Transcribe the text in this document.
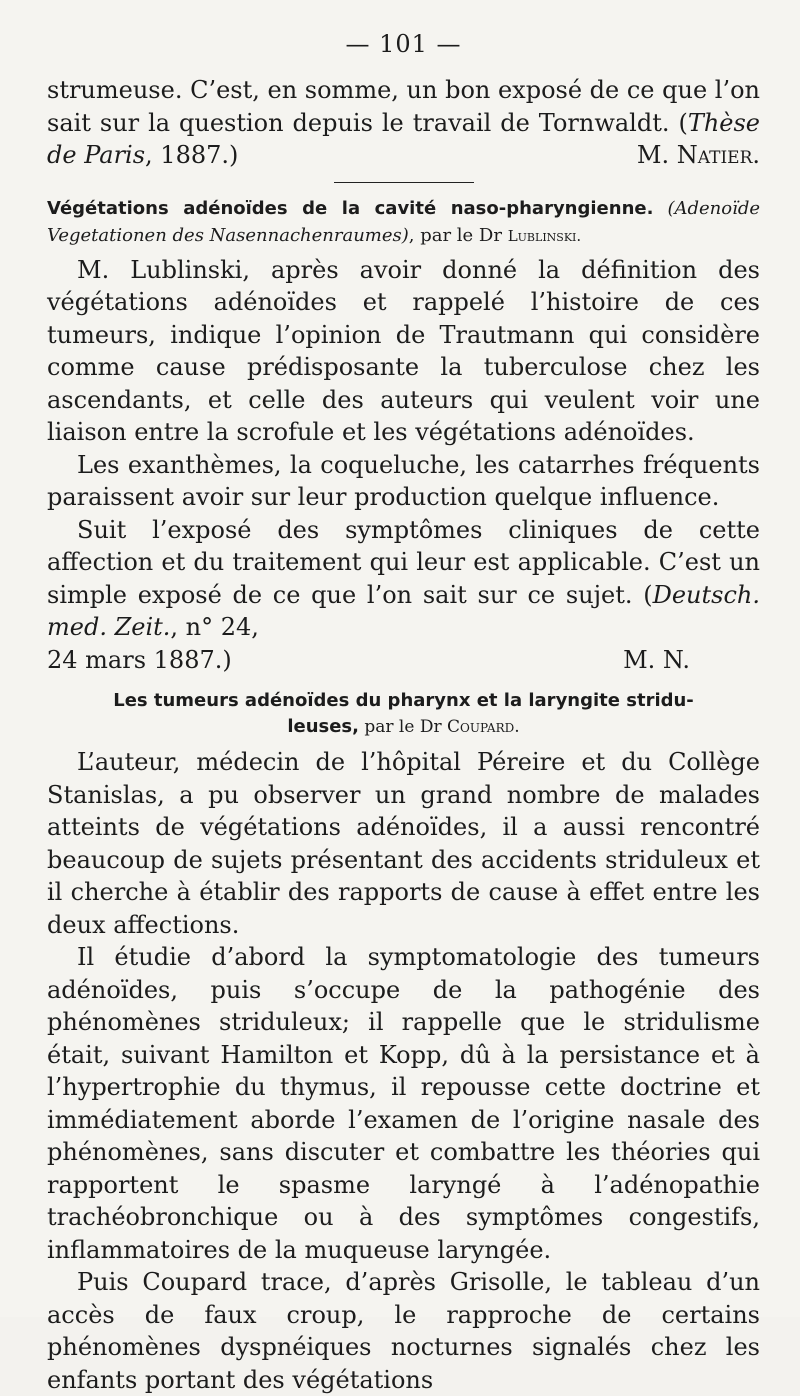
— 101 —

strumeuse. C’est, en somme, un bon exposé de ce que l’on sait sur la question depuis le travail de Tornwaldt. (Thèse de Paris, 1887.)	M. Natier.

Végétations adénoïdes de la cavité naso-pharyngienne. (Adenoïde Vegetationen des Nasennachenraumes), par le Dr Lublinski.

M. Lublinski, après avoir donné la définition des végétations adénoïdes et rappelé l’histoire de ces tumeurs, indique l’opinion de Trautmann qui considère comme cause prédisposante la tuberculose chez les ascendants, et celle des auteurs qui veulent voir une liaison entre la scrofule et les végétations adénoïdes.

Les exanthèmes, la coqueluche, les catarrhes fréquents paraissent avoir sur leur production quelque influence.

Suit l’exposé des symptômes cliniques de cette affection et du traitement qui leur est applicable. C’est un simple exposé de ce que l’on sait sur ce sujet. (Deutsch. med. Zeit., n° 24,

24 mars 1887.)	M. N.

Les tumeurs adénoïdes du pharynx et la laryngite stridu-
leuses, par le Dr Coupard.

L’auteur, médecin de l’hôpital Péreire et du Collège Stanislas, a pu observer un grand nombre de malades atteints de végétations adénoïdes, il a aussi rencontré beaucoup de sujets présentant des accidents striduleux et il cherche à établir des rapports de cause à effet entre les deux affections.

Il étudie d’abord la symptomatologie des tumeurs adénoïdes, puis s’occupe de la pathogénie des phénomènes striduleux; il rappelle que le stridulisme était, suivant Hamilton et Kopp, dû à la persistance et à l’hypertrophie du thymus, il repousse cette doctrine et immédiatement aborde l’examen de l’origine nasale des phénomènes, sans discuter et combattre les théories qui rapportent le spasme laryngé à l’adénopathie trachéobronchique ou à des symptômes congestifs, inflammatoires de la muqueuse laryngée.

Puis Coupard trace, d’après Grisolle, le tableau d’un accès de faux croup, le rapproche de certains phénomènes dyspnéiques nocturnes signalés chez les enfants portant des végétations
